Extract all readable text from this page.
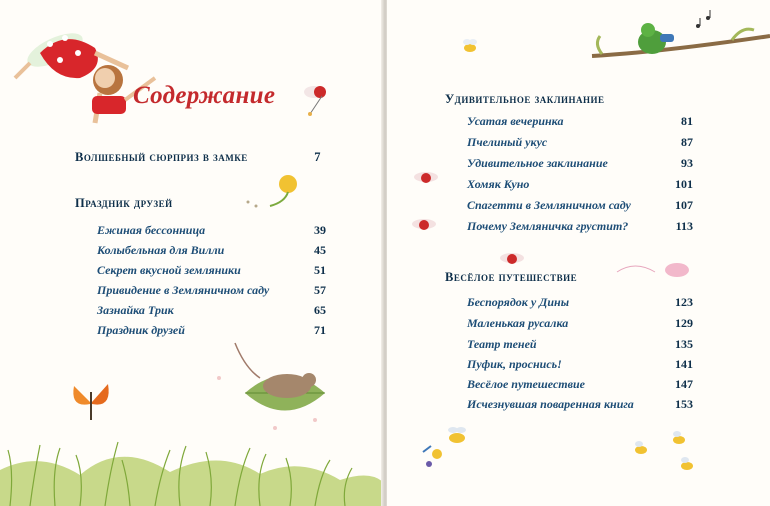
Содержание
Волшебный сюрприз в замке	7
Праздник друзей
Ежиная бессонница	39
Колыбельная для Вилли	45
Секрет вкусной земляники	51
Привидение в Земляничном саду	57
Зазнайка Трик	65
Праздник друзей	71
Удивительное заклинание
Усатая вечеринка	81
Пчелиный укус	87
Удивительное заклинание	93
Хомяк Куно	101
Спагетти в Земляничном саду	107
Почему Земляничка грустит?	113
Весёлое путешествие
Беспорядок у Дины	123
Маленькая русалка	129
Театр теней	135
Пуфик, проснись!	141
Весёлое путешествие	147
Исчезнувшая поваренная книга	153
